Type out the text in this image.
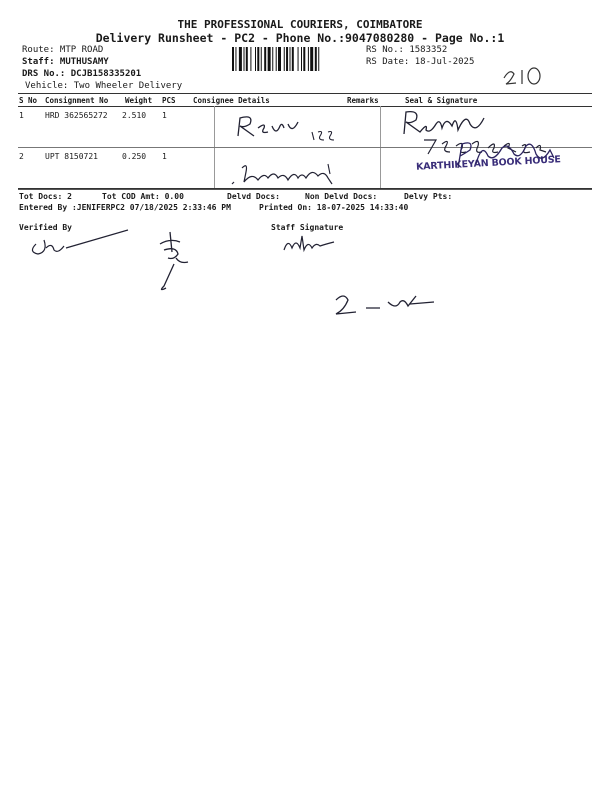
THE PROFESSIONAL COURIERS, COIMBATORE
Delivery Runsheet - PC2 - Phone No.:9047080280 - Page No.:1
Route: MTP ROAD
Staff: MUTHUSAMY
DRS No.: DCJB158335201
Vehicle: Two Wheeler Delivery
RS No.: 1583352
RS Date: 18-Jul-2025
S No Consignment No Weight PCS Consignee Details	Remarks	Seal & Signature
1	HRD 362565272 2.510 1
2	UPT 8150721	0.250 1	KARTHIKEYAN BOOK HOUSE
Tot Docs: 2	Tot COD Amt: 0.00	Delvd Docs:	Non Delvd Docs:	Delvy Pts:
Entered By :JENIFERPC2 07/18/2025 2:33:46 PM	Printed On: 18-07-2025 14:33:40
Verified By	Staff Signature
